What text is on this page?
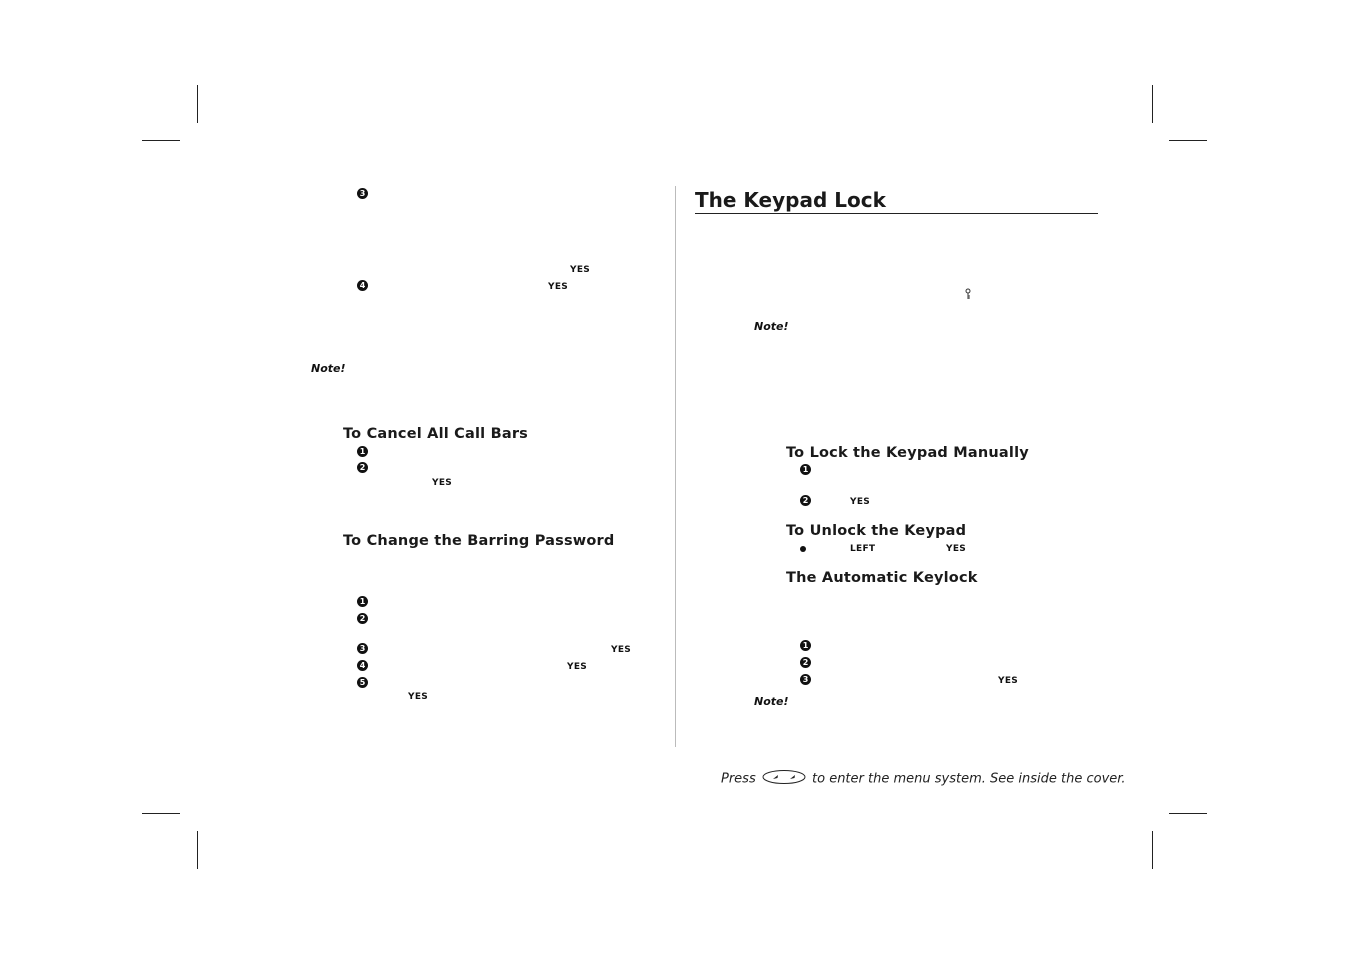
3
YES
4	YES
Note!
To Cancel All Call Bars
1
2
YES
To Change the Barring Password
1
2
3	YES
4	YES
5
YES
The Keypad Lock
Note!
To Lock the Keypad Manually
1
2	YES
To Unlock the Keypad
LEFT	YES
The Automatic Keylock
1
2
3	YES
Note!
Press	to enter the menu system. See inside the cover.
